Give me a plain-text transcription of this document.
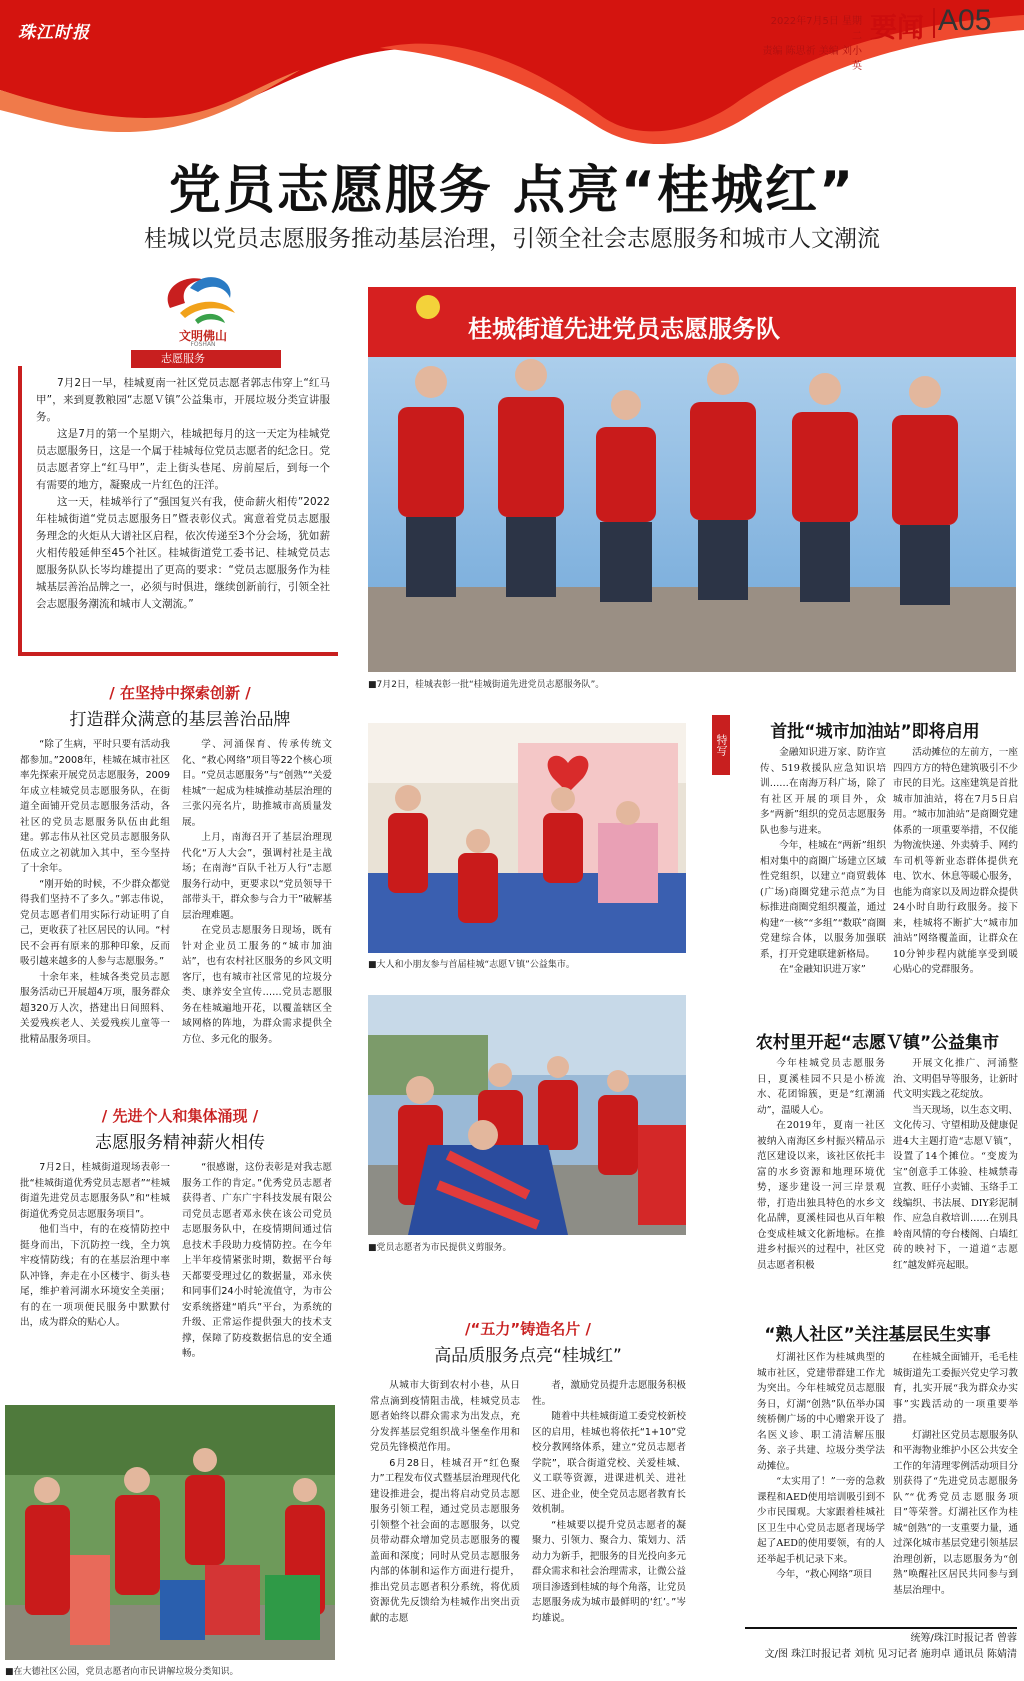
珠江时报
2022年7月5日 星期二
责编 陈思祈 美编 刘小英
要闻 A05
党员志愿服务 点亮“桂城红”
桂城以党员志愿服务推动基层治理，引领全社会志愿服务和城市人文潮流
文明佛山
FOSHAN
志愿服务

7月2日一早，桂城夏南一社区党员志愿者郭志伟穿上“红马甲”，来到夏教粮园“志愿Ｖ镇”公益集市，开展垃圾分类宣讲服务。

这是7月的第一个星期六，桂城把每月的这一天定为桂城党员志愿服务日，这是一个属于桂城每位党员志愿者的纪念日。党员志愿者穿上“红马甲”，走上街头巷尾、房前屋后，到每一个有需要的地方，凝聚成一片红色的汪洋。

这一天，桂城举行了“强国复兴有我，使命薪火相传”2022年桂城街道“党员志愿服务日”暨表彰仪式。寓意着党员志愿服务理念的火炬从大谱社区启程，依次传递至3个分会场，犹如薪火相传般延伸至45个社区。桂城街道党工委书记、桂城党员志愿服务队队长岑均雄提出了更高的要求：“党员志愿服务作为桂城基层善治品牌之一，必须与时俱进，继续创新前行，引领全社会志愿服务潮流和城市人文潮流。”

桂城街道先进党员志愿服务队
■7月2日，桂城表彰一批“桂城街道先进党员志愿服务队”。
/ 在坚持中探索创新 /
打造群众满意的基层善治品牌

“除了生病，平时只要有活动我都参加。”2008年，桂城在城市社区率先探索开展党员志愿服务，2009年成立桂城党员志愿服务队，在街道全面铺开党员志愿服务活动，各社区的党员志愿服务队伍由此组建。郭志伟从社区党员志愿服务队伍成立之初就加入其中，至今坚持了十余年。

“刚开始的时候，不少群众都觉得我们坚持不了多久。”郭志伟说，党员志愿者们用实际行动证明了自己，更收获了社区居民的认同。“村民不会再有原来的那种印象，反而吸引越来越多的人参与志愿服务。”

十余年来，桂城各类党员志愿服务活动已开展超4万项，服务群众超320万人次，搭建出日间照料、关爱残疾老人、关爱残疾儿童等一批精品服务项目。

学、河涌保育、传承传统文化、“救心网络”项目等22个核心项目。“党员志愿服务”与“创熟”“关爱桂城”一起成为桂城推动基层治理的三张闪亮名片，助推城市高质量发展。

上月，南海召开了基层治理现代化“万人大会”，强调村社是主战场；在南海“百队千社万人行”志愿服务行动中，更要求以“党员领导干部带头干，群众参与合力干”破解基层治理难题。

在党员志愿服务日现场，既有针对企业员工服务的“城市加油站”，也有农村社区服务的乡风文明客厅，也有城市社区常见的垃圾分类、康养安全宣传……党员志愿服务在桂城遍地开花，以覆盖辖区全域网格的阵地，为群众需求提供全方位、多元化的服务。

/ 先进个人和集体涌现 /
志愿服务精神薪火相传

7月2日，桂城街道现场表彰一批“桂城街道优秀党员志愿者”“桂城街道先进党员志愿服务队”和“桂城街道优秀党员志愿服务项目”。

他们当中，有的在疫情防控中挺身而出，下沉防控一线，全力筑牢疫情防线；有的在基层治理中率队冲锋，奔走在小区楼宇、街头巷尾，维护着河湖水环境安全美丽；有的在一项项便民服务中默默付出，成为群众的贴心人。

“很感谢，这份表彰是对我志愿服务工作的肯定。”优秀党员志愿者获得者、广东广宇科技发展有限公司党员志愿者邓永侠在该公司党员志愿服务队中，在疫情期间通过信息技术手段助力疫情防控。在今年上半年疫情紧张时期，数据平台每天都要受理过亿的数据量，邓永侠和同事们24小时轮流值守，为市公安系统搭建“哨兵”平台，为系统的升级、正常运作提供强大的技术支撑，保障了防疫数据信息的安全通畅。

■在大德社区公园，党员志愿者向市民讲解垃圾分类知识。
■大人和小朋友参与首届桂城“志愿Ｖ镇”公益集市。
■党员志愿者为市民提供义剪服务。
/“五力”铸造名片 /
高品质服务点亮“桂城红”

从城市大街到农村小巷，从日常点滴到疫情阻击战，桂城党员志愿者始终以群众需求为出发点，充分发挥基层党组织战斗堡垒作用和党员先锋模范作用。

6月28日，桂城召开“红色聚力”工程发布仪式暨基层治理现代化建设推进会，提出将启动党员志愿服务引领工程，通过党员志愿服务引领整个社会面的志愿服务，以党员带动群众增加党员志愿服务的覆盖面和深度；同时从党员志愿服务内部的体制和运作方面进行提升，推出党员志愿者积分系统，将优质资源优先反馈给为桂城作出突出贡献的志愿

者，激励党员提升志愿服务积极性。

随着中共桂城街道工委党校新校区的启用，桂城也将依托“1+10”党校分教网络体系，建立“党员志愿者学院”，联合街道党校、关爱桂城、义工联等资源，进课进机关、进社区、进企业，使全党员志愿者教育长效机制。

“桂城要以提升党员志愿者的凝聚力、引领力、聚合力、策划力、活动力为新手，把服务的目光投向多元群众需求和社会治理需求，让微公益项目渗透到桂城的每个角落，让党员志愿服务成为城市最鲜明的‘红’。”岑均雄说。

特写
首批“城市加油站”即将启用

金融知识进万家、防诈宣传、519救援队应急知识培训……在南海万科广场，除了有社区开展的项目外，众多“两新”组织的党员志愿服务队也参与进来。

今年，桂城在“两新”组织相对集中的商圈广场建立区域性党组织，以建立“商贸载体(广场)商圈党建示范点”为目标推进商圈党组织覆盖，通过构建“一核”“多组”“数联”商圈党建综合体，以服务加强联系，打开党建联建新格局。

在“金融知识进万家”

活动摊位的左前方，一座四四方方的特色建筑吸引不少市民的目光。这座建筑是首批城市加油站，将在7月5日启用。“城市加油站”是商圈党建体系的一项重要举措，不仅能为物流快递、外卖骑手、网约车司机等新业态群体提供充电、饮水、休息等暖心服务，也能为商家以及周边群众提供24小时自助行政服务。接下来，桂城将不断扩大“城市加油站”网络覆盖面，让群众在10分钟步程内就能享受到暖心贴心的党群服务。

农村里开起“志愿Ｖ镇”公益集市

今年桂城党员志愿服务日，夏溪桂园不只是小桥流水、花团锦簇，更是“红潮涌动”，温暖人心。

在2019年，夏南一社区被纳入南海区乡村振兴精品示范区建设以来，该社区依托丰富的水乡资源和地理环境优势，逐步建设一河三岸景观带，打造出独具特色的水乡文化品牌，夏溪桂园也从百年粮仓变成桂城文化新地标。在推进乡村振兴的过程中，社区党员志愿者积极

开展文化推广、河涌整治、文明倡导等服务，让新时代文明实践之花绽放。

当天现场，以生态文明、文化传习、守望相助及健康促进4大主题打造“志愿Ｖ镇”，设置了14个摊位。“变废为宝”创意手工体验、桂城禁毒宣教、旺仔小卖铺、玉络手工线编织、书法展、DIY彩泥制作、应急自救培训……在别具岭南风情的夸台楼阁、白墙红砖的映衬下，一道道“志愿红”越发鲜亮起眼。

“熟人社区”关注基层民生实事

灯湖社区作为桂城典型的城市社区，党建带群建工作尤为突出。今年桂城党员志愿服务日，灯湖“创熟”队伍举办国统桥侧广场的中心赠衆开设了名医义诊、职工清洁解压服务、亲子共建、垃圾分类学法动摊位。

“太实用了！”一旁的急救课程和AED使用培训吸引到不少市民围观。大家跟着桂城社区卫生中心党员志愿者现场学起了AED的使用要领，有的人还举起手机记录下来。

今年，“救心网络”项目

在桂城全面铺开，毛毛桂城街道先工委振兴党史学习教育，扎实开展“我为群众办实事”实践活动的一项重要举措。

灯湖社区党员志愿服务队和平海物业维护小区公共安全工作的年清理零例活动项目分别获得了“先进党员志愿服务队”“优秀党员志愿服务项目”等荣誉。灯湖社区作为桂城“创熟”的一支重要力量，通过深化城市基层党建引领基层治理创新，以志愿服务为“创熟”唤醒社区居民共同参与到基层治理中。

统筹/珠江时报记者 曾蓉
文/图 珠江时报记者 刘杭 见习记者 施玥卓 通讯员 陈婧清
